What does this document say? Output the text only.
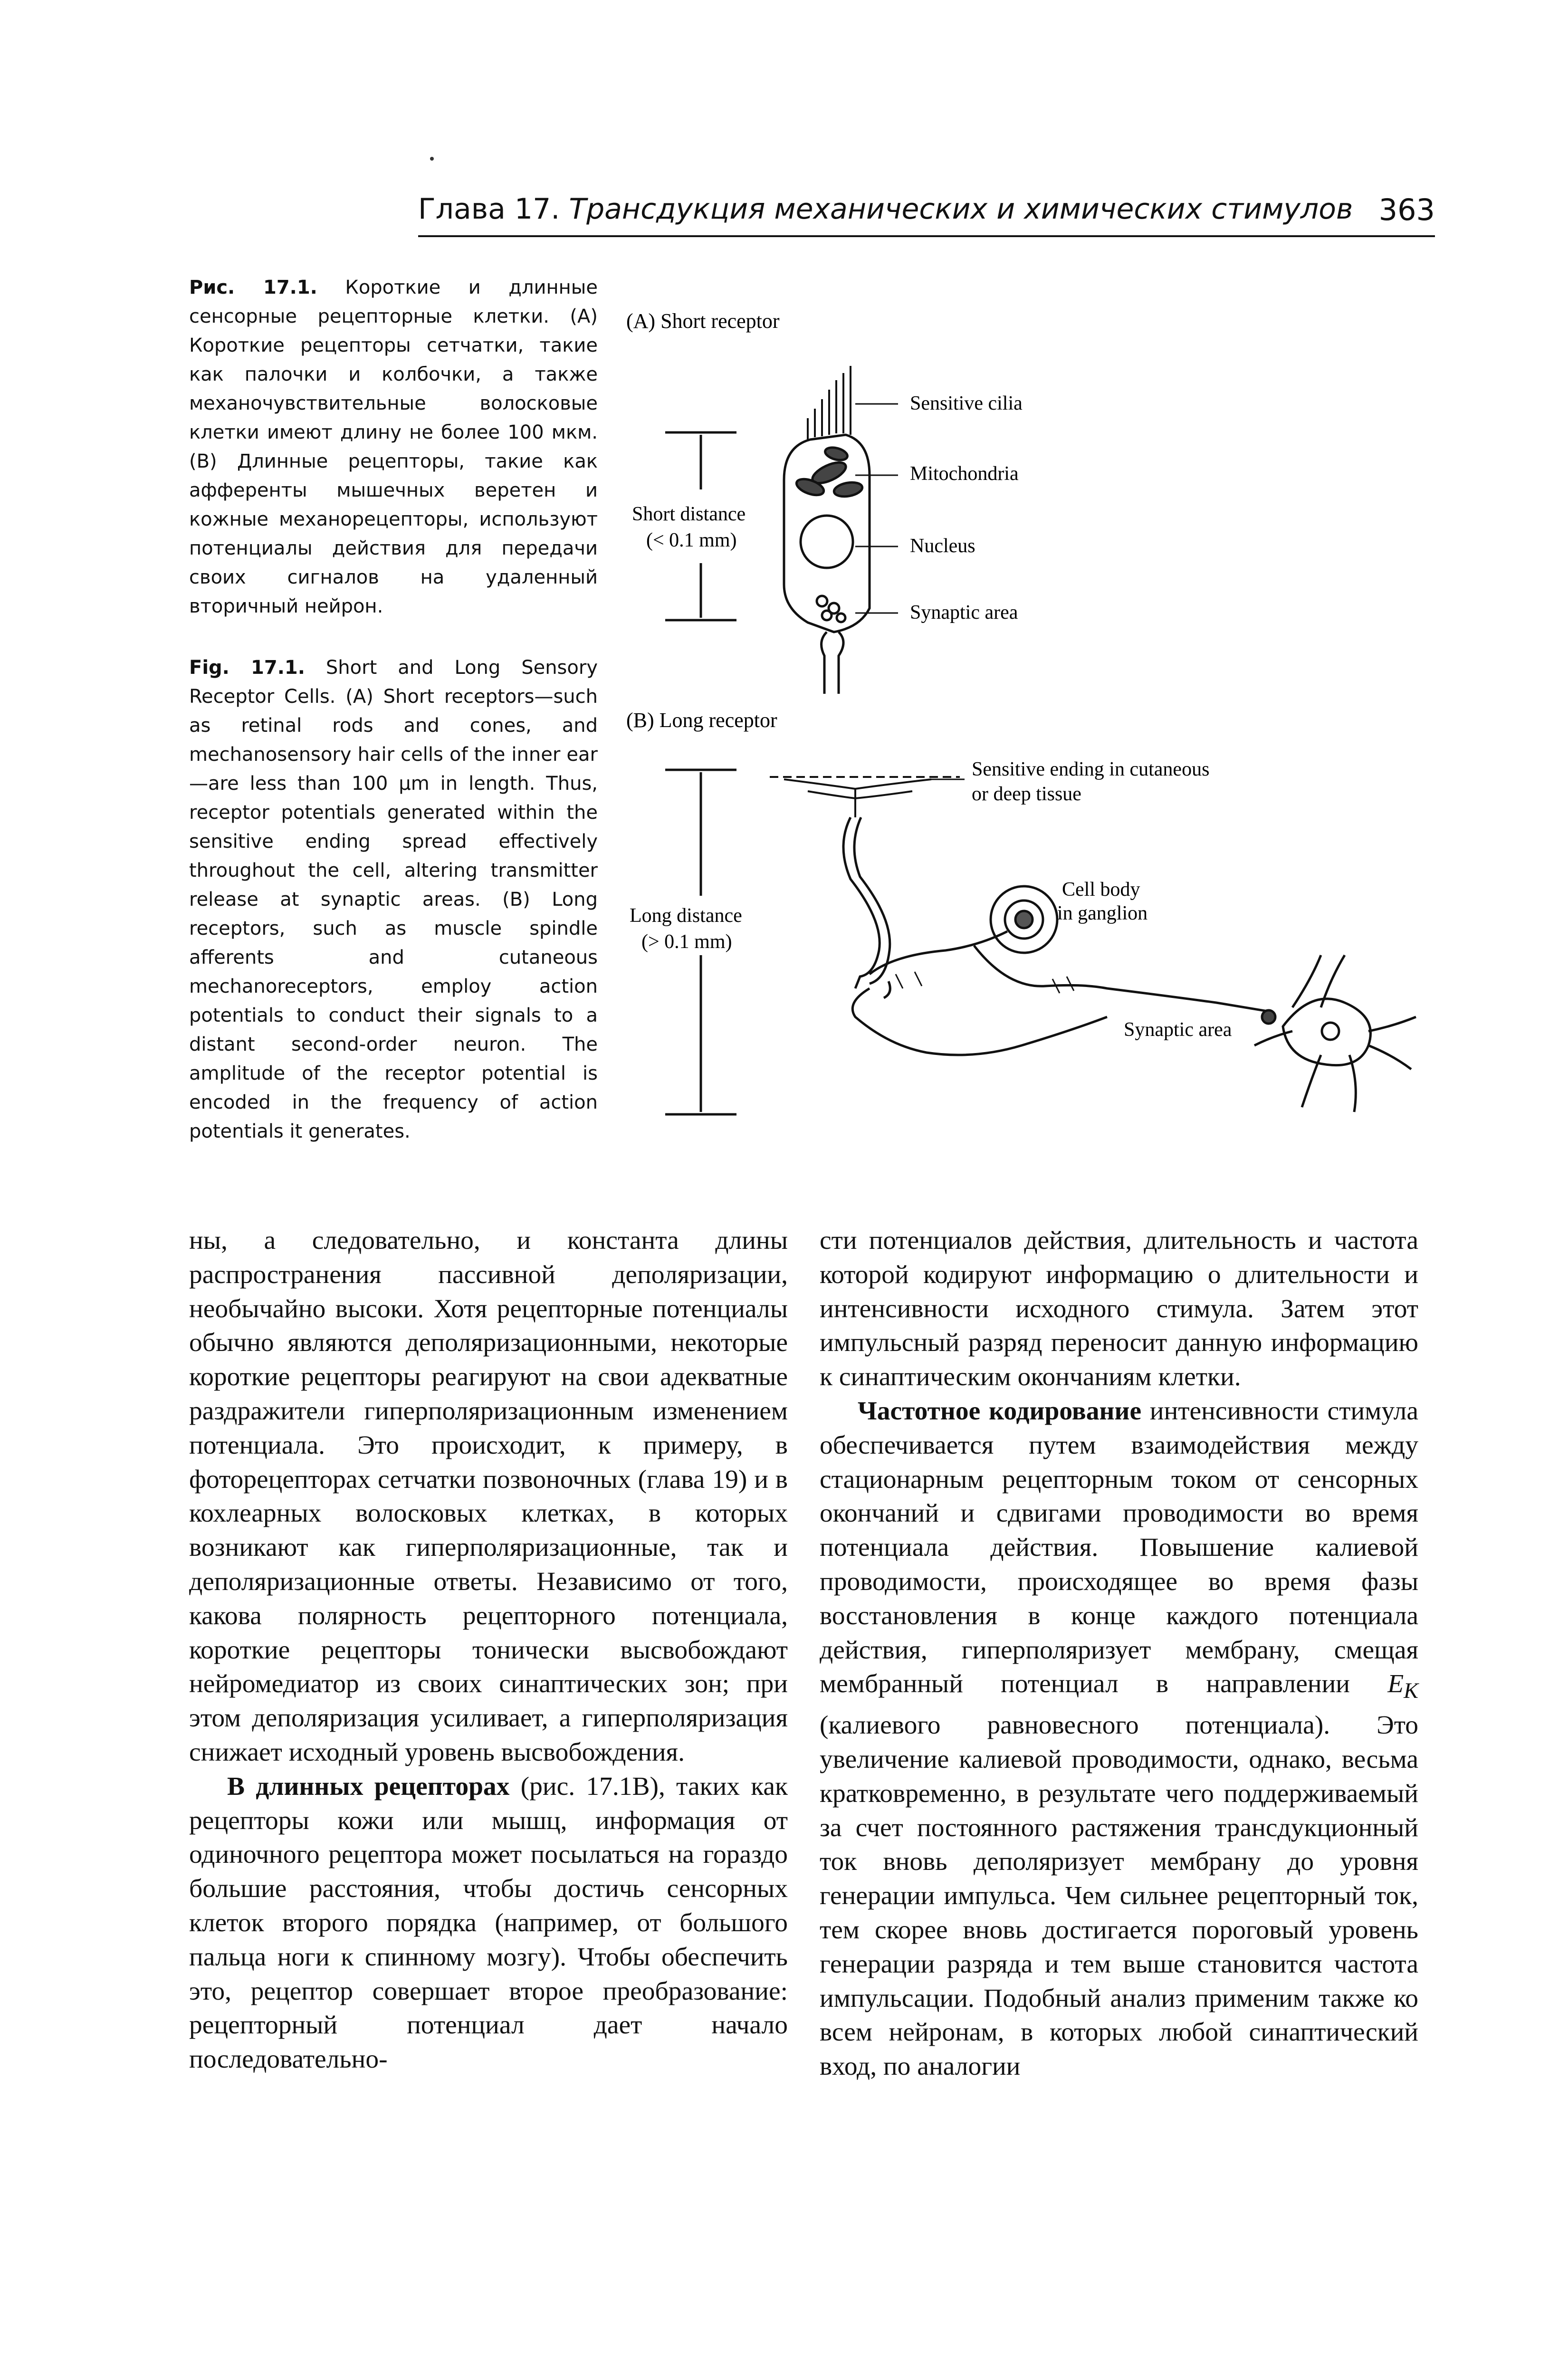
Глава 17. Трансдукция механических и химических стимулов 363
Рис. 17.1. Короткие и длинные сенсорные рецепторные клетки. (А) Короткие рецепторы сетчатки, такие как палочки и колбочки, а также механочувствительные волосковые клетки имеют длину не более 100 мкм. (В) Длинные рецепторы, такие как афференты мышечных веретен и кожные механорецепторы, используют потенциалы действия для передачи своих сигналов на удаленный вторичный нейрон.
Fig. 17.1. Short and Long Sensory Receptor Cells. (A) Short receptors—such as retinal rods and cones, and mechanosensory hair cells of the inner ear—are less than 100 µm in length. Thus, receptor potentials generated within the sensitive ending spread effectively throughout the cell, altering transmitter release at synaptic areas. (B) Long receptors, such as muscle spindle afferents and cutaneous mechanoreceptors, employ action potentials to conduct their signals to a distant second-order neuron. The amplitude of the receptor potential is encoded in the frequency of action potentials it generates.
(A) Short receptor
Short distance
(< 0.1 mm)
Sensitive cilia
Mitochondria
Nucleus
Synaptic area
(B) Long receptor
Long distance
(> 0.1 mm)
Sensitive ending in cutaneous
or deep tissue
Cell body
in ganglion
Synaptic area

ны, а следовательно, и константа длины распространения пассивной деполяризации, необычайно высоки. Хотя рецепторные потенциалы обычно являются деполяризационными, некоторые короткие рецепторы реагируют на свои адекватные раздражители гиперполяризационным изменением потенциала. Это происходит, к примеру, в фоторецепторах сетчатки позвоночных (глава 19) и в кохлеарных волосковых клетках, в которых возникают как гиперполяризационные, так и деполяризационные ответы. Независимо от того, какова полярность рецепторного потенциала, короткие рецепторы тонически высвобождают нейромедиатор из своих синаптических зон; при этом деполяризация усиливает, а гиперполяризация снижает исходный уровень высвобождения.

В длинных рецепторах (рис. 17.1B), таких как рецепторы кожи или мышц, информация от одиночного рецептора может посылаться на гораздо большие расстояния, чтобы достичь сенсорных клеток второго порядка (например, от большого пальца ноги к спинному мозгу). Чтобы обеспечить это, рецептор совершает второе преобразование: рецепторный потенциал дает начало последовательно-

сти потенциалов действия, длительность и частота которой кодируют информацию о длительности и интенсивности исходного стимула. Затем этот импульсный разряд переносит данную информацию к синаптическим окончаниям клетки.

Частотное кодирование интенсивности стимула обеспечивается путем взаимодействия между стационарным рецепторным током от сенсорных окончаний и сдвигами проводимости во время потенциала действия. Повышение калиевой проводимости, происходящее во время фазы восстановления в конце каждого потенциала действия, гиперполяризует мембрану, смещая мембранный потенциал в направлении $E_K$ (калиевого равновесного потенциала). Это увеличение калиевой проводимости, однако, весьма кратковременно, в результате чего поддерживаемый за счет постоянного растяжения трансдукционный ток вновь деполяризует мембрану до уровня генерации импульса. Чем сильнее рецепторный ток, тем скорее вновь достигается пороговый уровень генерации разряда и тем выше становится частота импульсации. Подобный анализ применим также ко всем нейронам, в которых любой синаптический вход, по аналогии
